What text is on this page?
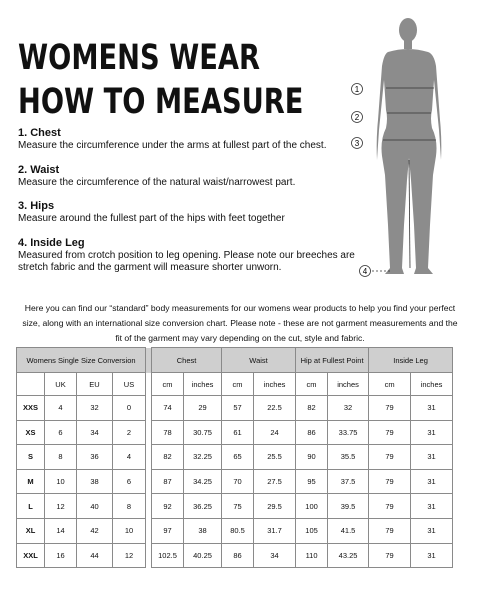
WOMENS WEAR
HOW TO MEASURE
1. Chest

Measure the circumference under the arms at fullest part of the chest.

2. Waist

Measure the circumference of the natural waist/narrowest part.

3. Hips

Measure around the fullest part of the hips with feet together

4. Inside Leg

Measured from crotch position to leg opening. Please note our breeches are stretch fabric and the garment will measure shorter unworn.

1
2
3
4

Here you can find our “standard” body measurements for our womens wear products to help you find your perfect size, along with an international size conversion chart. Please note - these are not garment measurements and the fit of the garment may vary depending on the cut, style and fabric.

Womens Single Size Conversion					Chest		Waist		Hip at Fullest Point		Inside Leg	
	UK	EU	US		cm	inches	cm	inches	cm	inches	cm	inches
XXS	4	32	0		74	29	57	22.5	82	32	79	31
XS	6	34	2		78	30.75	61	24	86	33.75	79	31
S	8	36	4		82	32.25	65	25.5	90	35.5	79	31
M	10	38	6		87	34.25	70	27.5	95	37.5	79	31
L	12	40	8		92	36.25	75	29.5	100	39.5	79	31
XL	14	42	10		97	38	80.5	31.7	105	41.5	79	31
XXL	16	44	12		102.5	40.25	86	34	110	43.25	79	31
